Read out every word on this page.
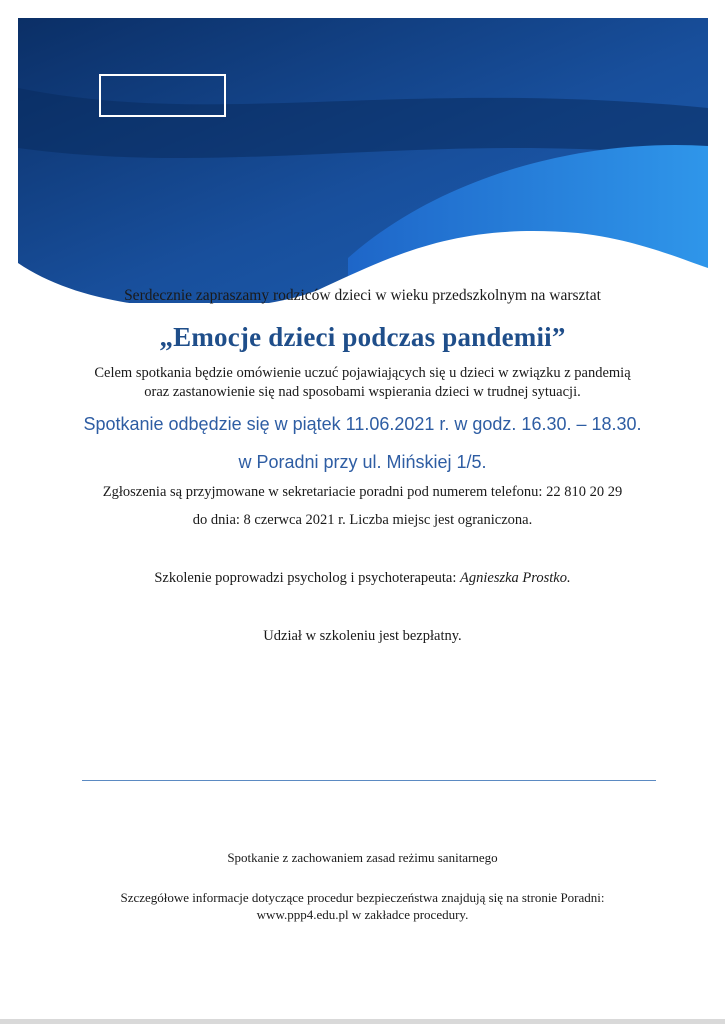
Serdecznie zapraszamy rodziców dzieci w wieku przedszkolnym na warsztat
„Emocje dzieci podczas pandemii”
Celem spotkania będzie omówienie uczuć pojawiających się u dzieci w związku z pandemią
oraz zastanowienie się nad sposobami wspierania dzieci w trudnej sytuacji.
Spotkanie odbędzie się w piątek 11.06.2021 r. w godz. 16.30. – 18.30.
w Poradni przy ul. Mińskiej 1/5.
Zgłoszenia są przyjmowane w sekretariacie poradni pod numerem telefonu: 22 810 20 29
do dnia: 8 czerwca 2021 r. Liczba miejsc jest ograniczona.
Szkolenie poprowadzi psycholog i psychoterapeuta: Agnieszka Prostko.
Udział w szkoleniu jest bezpłatny.
Spotkanie z zachowaniem zasad reżimu sanitarnego
Szczegółowe informacje dotyczące procedur bezpieczeństwa znajdują się na stronie Poradni:
www.ppp4.edu.pl w zakładce procedury.
